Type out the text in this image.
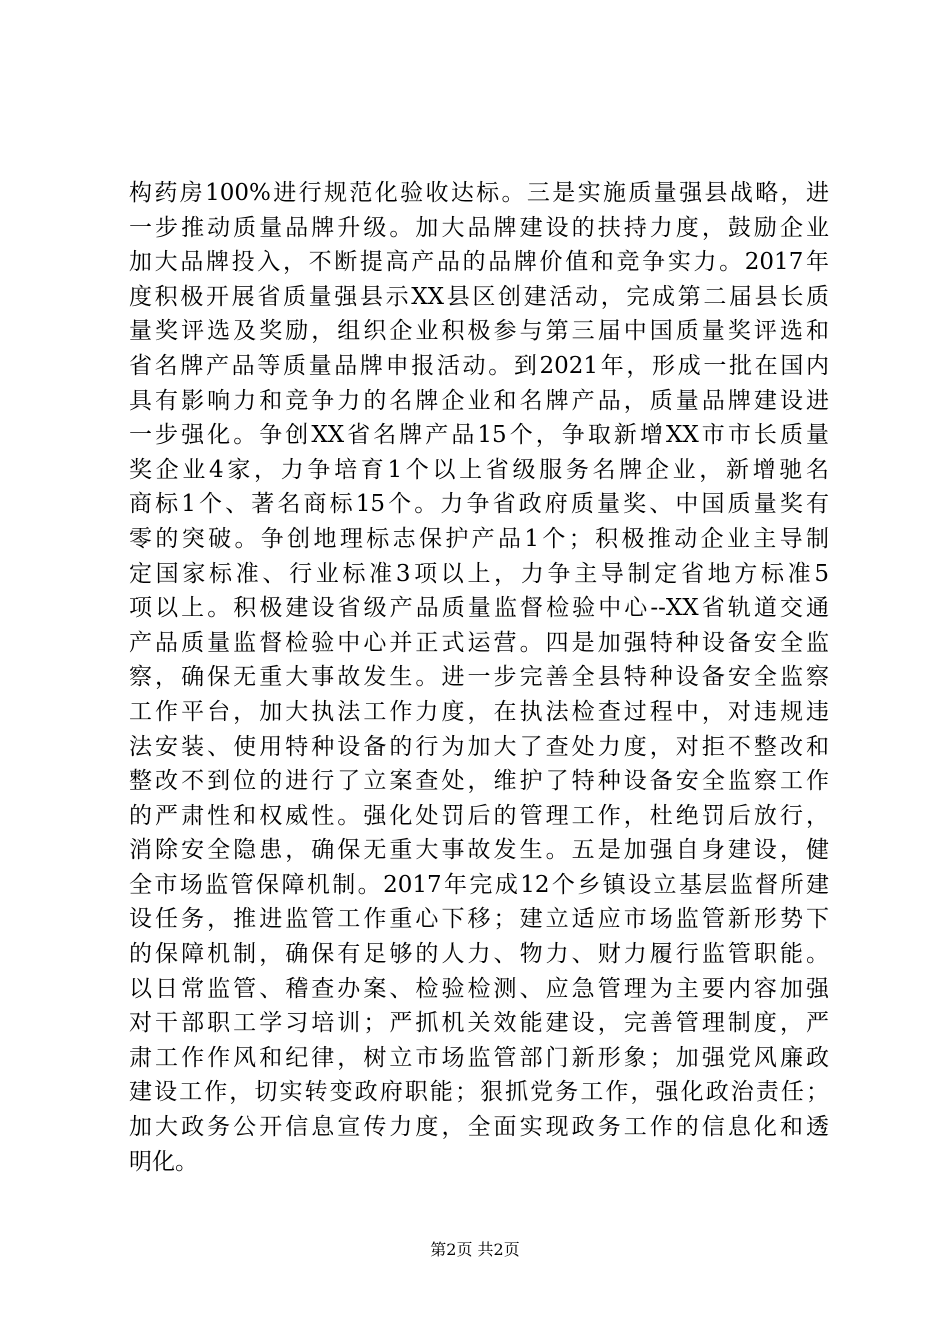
构药房100%进行规范化验收达标。三是实施质量强县战略，进
一步推动质量品牌升级。加大品牌建设的扶持力度，鼓励企业
加大品牌投入，不断提高产品的品牌价值和竞争实力。2017年
度积极开展省质量强县示XX县区创建活动，完成第二届县长质
量奖评选及奖励，组织企业积极参与第三届中国质量奖评选和
省名牌产品等质量品牌申报活动。到2021年，形成一批在国内
具有影响力和竞争力的名牌企业和名牌产品，质量品牌建设进
一步强化。争创XX省名牌产品15个，争取新增XX市市长质量
奖企业4家，力争培育1个以上省级服务名牌企业，新增驰名
商标1个、著名商标15个。力争省政府质量奖、中国质量奖有
零的突破。争创地理标志保护产品1个；积极推动企业主导制
定国家标准、行业标准3项以上，力争主导制定省地方标准5
项以上。积极建设省级产品质量监督检验中心--XX省轨道交通
产品质量监督检验中心并正式运营。四是加强特种设备安全监
察，确保无重大事故发生。进一步完善全县特种设备安全监察
工作平台，加大执法工作力度，在执法检查过程中，对违规违
法安装、使用特种设备的行为加大了查处力度，对拒不整改和
整改不到位的进行了立案查处，维护了特种设备安全监察工作
的严肃性和权威性。强化处罚后的管理工作，杜绝罚后放行，
消除安全隐患，确保无重大事故发生。五是加强自身建设，健
全市场监管保障机制。2017年完成12个乡镇设立基层监督所建
设任务，推进监管工作重心下移；建立适应市场监管新形势下
的保障机制，确保有足够的人力、物力、财力履行监管职能。
以日常监管、稽查办案、检验检测、应急管理为主要内容加强
对干部职工学习培训；严抓机关效能建设，完善管理制度，严
肃工作作风和纪律，树立市场监管部门新形象；加强党风廉政
建设工作，切实转变政府职能；狠抓党务工作，强化政治责任；
加大政务公开信息宣传力度，全面实现政务工作的信息化和透
明化。
第2页 共2页
